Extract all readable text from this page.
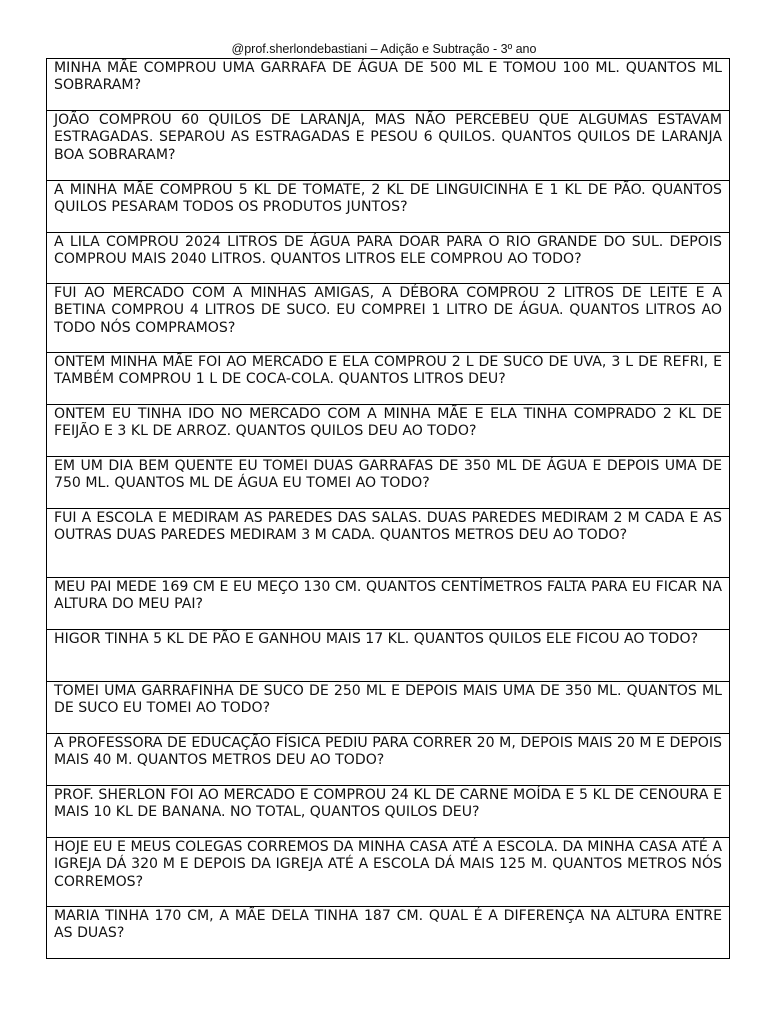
@prof.sherlondebastiani – Adição e Subtração - 3º ano
MINHA MÃE COMPROU UMA GARRAFA DE ÁGUA DE 500 ML E TOMOU 100 ML. QUANTOS ML SOBRARAM?
JOÃO COMPROU 60 QUILOS DE LARANJA, MAS NÃO PERCEBEU QUE ALGUMAS ESTAVAM ESTRAGADAS. SEPAROU AS ESTRAGADAS E PESOU 6 QUILOS. QUANTOS QUILOS DE LARANJA BOA SOBRARAM?
A MINHA MÃE COMPROU 5 KL DE TOMATE, 2 KL DE LINGUICINHA E 1 KL DE PÃO. QUANTOS QUILOS PESARAM TODOS OS PRODUTOS JUNTOS?
A LILA COMPROU 2024 LITROS DE ÁGUA PARA DOAR PARA O RIO GRANDE DO SUL. DEPOIS COMPROU MAIS 2040 LITROS. QUANTOS LITROS ELE COMPROU AO TODO?
FUI AO MERCADO COM A MINHAS AMIGAS, A DÉBORA COMPROU 2 LITROS DE LEITE E A BETINA COMPROU 4 LITROS DE SUCO. EU COMPREI 1 LITRO DE ÁGUA. QUANTOS LITROS AO TODO NÓS COMPRAMOS?
ONTEM MINHA MÃE FOI AO MERCADO E ELA COMPROU 2 L DE SUCO DE UVA, 3 L DE REFRI, E TAMBÉM COMPROU 1 L DE COCA-COLA. QUANTOS LITROS DEU?
ONTEM EU TINHA IDO NO MERCADO COM A MINHA MÃE E ELA TINHA COMPRADO 2 KL DE FEIJÃO E 3 KL DE ARROZ. QUANTOS QUILOS DEU AO TODO?
EM UM DIA BEM QUENTE EU TOMEI DUAS GARRAFAS DE 350 ML DE ÁGUA E DEPOIS UMA DE 750 ML. QUANTOS ML DE ÁGUA EU TOMEI AO TODO?
FUI A ESCOLA E MEDIRAM AS PAREDES DAS SALAS. DUAS PAREDES MEDIRAM 2 M CADA E AS OUTRAS DUAS PAREDES MEDIRAM 3 M CADA. QUANTOS METROS DEU AO TODO?
MEU PAI MEDE 169 CM E EU MEÇO 130 CM. QUANTOS CENTÍMETROS FALTA PARA EU FICAR NA ALTURA DO MEU PAI?
HIGOR TINHA 5 KL DE PÃO E GANHOU MAIS 17 KL. QUANTOS QUILOS ELE FICOU AO TODO?
TOMEI UMA GARRAFINHA DE SUCO DE 250 ML E DEPOIS MAIS UMA DE 350 ML. QUANTOS ML DE SUCO EU TOMEI AO TODO?
A PROFESSORA DE EDUCAÇÃO FÍSICA PEDIU PARA CORRER 20 M, DEPOIS MAIS 20 M E DEPOIS MAIS 40 M. QUANTOS METROS DEU AO TODO?
PROF. SHERLON FOI AO MERCADO E COMPROU 24 KL DE CARNE MOÍDA E 5 KL DE CENOURA E MAIS 10 KL DE BANANA. NO TOTAL, QUANTOS QUILOS DEU?
HOJE EU E MEUS COLEGAS CORREMOS DA MINHA CASA ATÉ A ESCOLA. DA MINHA CASA ATÉ A IGREJA DÁ 320 M E DEPOIS DA IGREJA ATÉ A ESCOLA DÁ MAIS 125 M. QUANTOS METROS NÓS CORREMOS?
MARIA TINHA 170 CM, A MÃE DELA TINHA 187 CM. QUAL É A DIFERENÇA NA ALTURA ENTRE AS DUAS?
